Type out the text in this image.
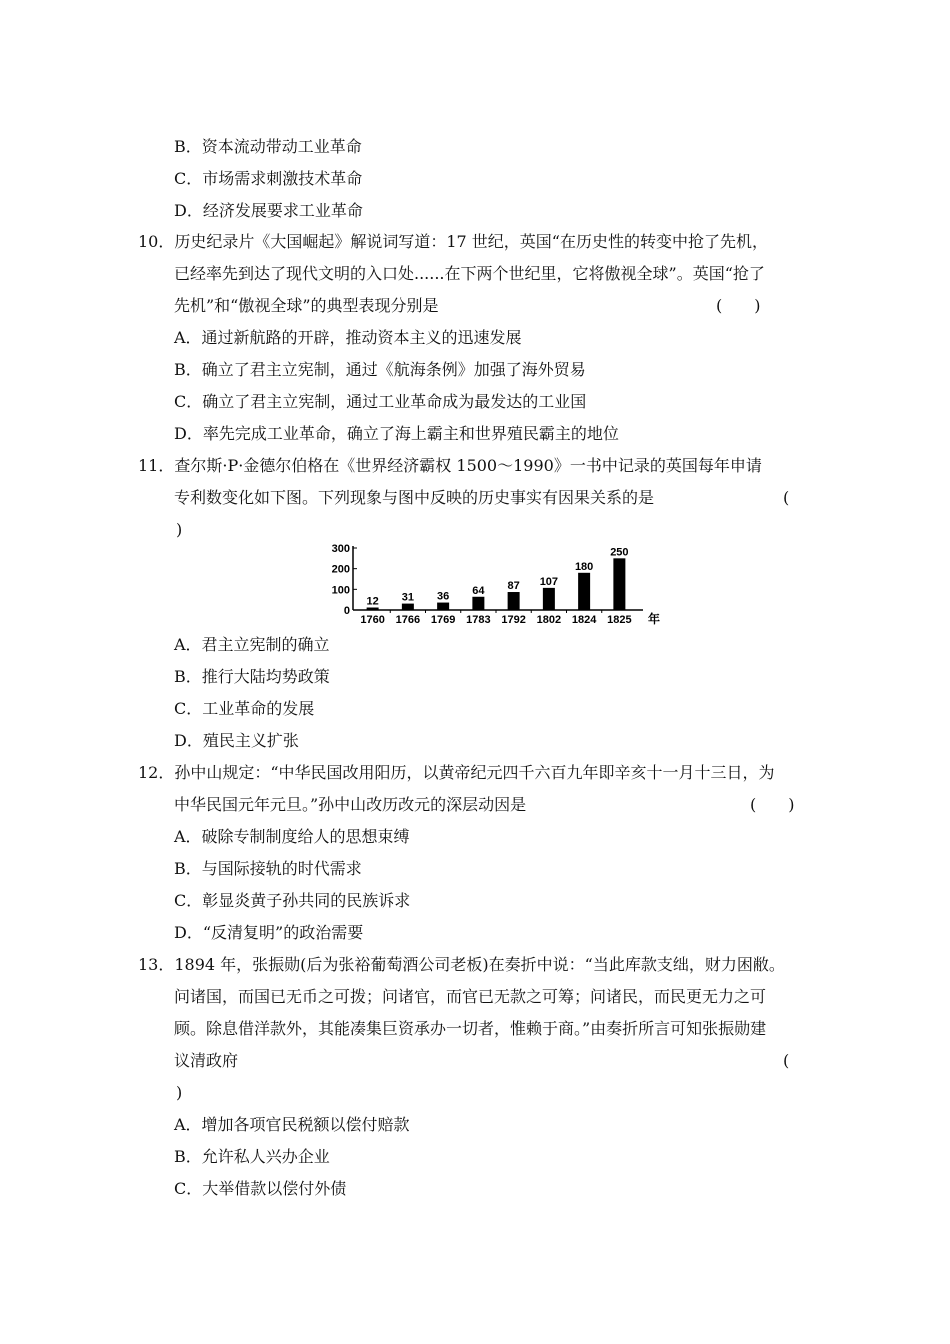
B．资本流动带动工业革命
C．市场需求刺激技术革命
D．经济发展要求工业革命
10．历史纪录片《大国崛起》解说词写道：17 世纪，英国“在历史性的转变中抢了先机，
已经率先到达了现代文明的入口处......在下两个世纪里，它将傲视全球”。英国“抢了
先机”和“傲视全球”的典型表现分别是	(　　)
A．通过新航路的开辟，推动资本主义的迅速发展
B．确立了君主立宪制，通过《航海条例》加强了海外贸易
C．确立了君主立宪制，通过工业革命成为最发达的工业国
D．率先完成工业革命，确立了海上霸主和世界殖民霸主的地位
11．查尔斯·P·金德尔伯格在《世界经济霸权 1500～1990》一书中记录的英国每年申请
专利数变化如下图。下列现象与图中反映的历史事实有因果关系的是	(
)
0
100
200
300
12
1760
31
1766
36
1769
64
1783
87
1792
107
1802
180
1824
250
1825 年
A．君主立宪制的确立
B．推行大陆均势政策
C．工业革命的发展
D．殖民主义扩张
12．孙中山规定：“中华民国改用阳历，以黄帝纪元四千六百九年即辛亥十一月十三日，为
中华民国元年元旦。”孙中山改历改元的深层动因是	(　　)
A．破除专制制度给人的思想束缚
B．与国际接轨的时代需求
C．彰显炎黄子孙共同的民族诉求
D．“反清复明”的政治需要
13．1894 年，张振勋(后为张裕葡萄酒公司老板)在奏折中说：“当此库款支绌，财力困敝。
问诸国，而国已无币之可拨；问诸官，而官已无款之可筹；问诸民，而民更无力之可
顾。除息借洋款外，其能凑集巨资承办一切者，惟赖于商。”由奏折所言可知张振勋建
议清政府	(
)
A．增加各项官民税额以偿付赔款
B．允许私人兴办企业
C．大举借款以偿付外债
